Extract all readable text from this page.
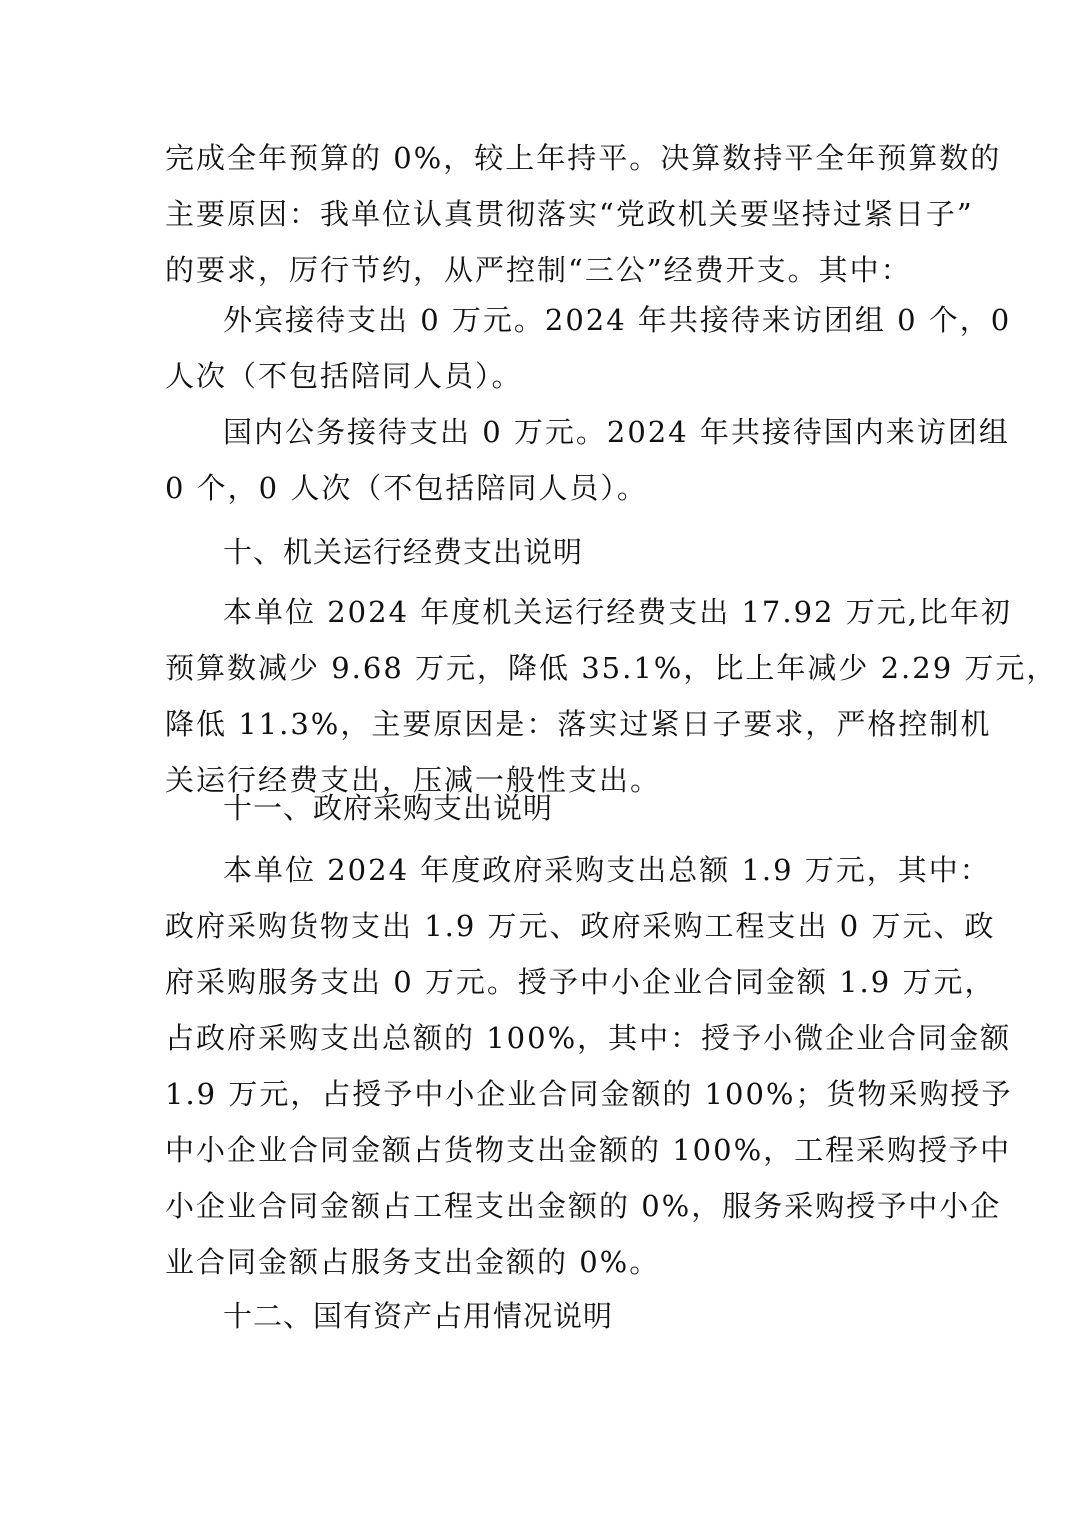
完成全年预算的 0%，较上年持平。决算数持平全年预算数的
主要原因：我单位认真贯彻落实“党政机关要坚持过紧日子”
的要求，厉行节约，从严控制“三公”经费开支。其中：
外宾接待支出 0 万元。2024 年共接待来访团组 0 个，0
人次（不包括陪同人员）。
国内公务接待支出 0 万元。2024 年共接待国内来访团组
0 个，0 人次（不包括陪同人员）。
十、机关运行经费支出说明
本单位 2024 年度机关运行经费支出 17.92 万元,比年初
预算数减少 9.68 万元，降低 35.1%，比上年减少 2.29 万元，
降低 11.3%，主要原因是：落实过紧日子要求，严格控制机
关运行经费支出，压减一般性支出。
十一、政府采购支出说明
本单位 2024 年度政府采购支出总额 1.9 万元，其中：
政府采购货物支出 1.9 万元、政府采购工程支出 0 万元、政
府采购服务支出 0 万元。授予中小企业合同金额 1.9 万元，
占政府采购支出总额的 100%，其中：授予小微企业合同金额
1.9 万元，占授予中小企业合同金额的 100%；货物采购授予
中小企业合同金额占货物支出金额的 100%，工程采购授予中
小企业合同金额占工程支出金额的 0%，服务采购授予中小企
业合同金额占服务支出金额的 0%。
十二、国有资产占用情况说明
